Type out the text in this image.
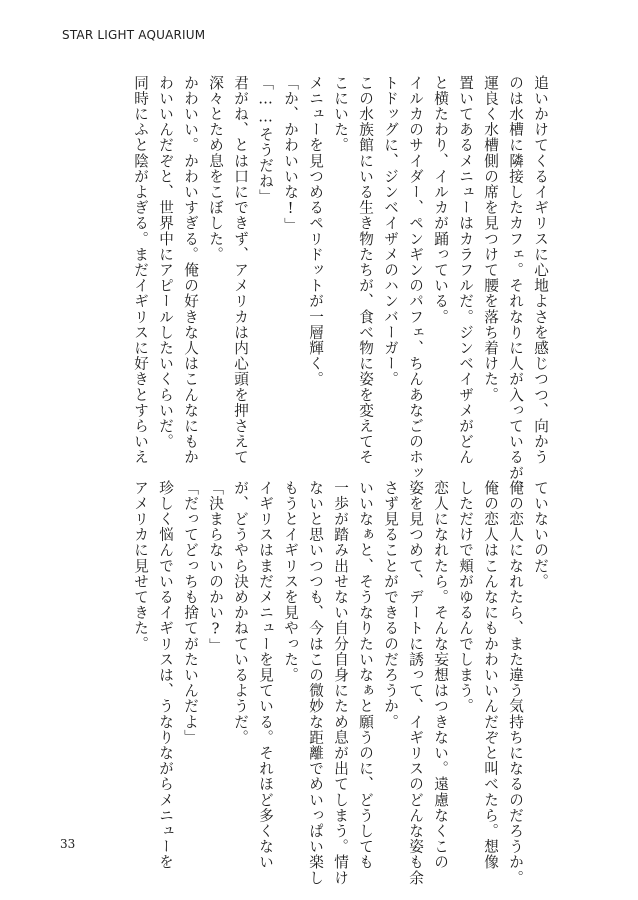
STAR LIGHT AQUARIUM
追いかけてくるイギリスに心地よさを感じつつ、向かう
のは水槽に隣接したカフェ。それなりに人が入っているが、
運良く水槽側の席を見つけて腰を落ち着けた。
置いてあるメニューはカラフルだ。ジンベイザメがどん
と横たわり、イルカが踊っている。
イルカのサイダー、ペンギンのパフェ、ちんあなごのホッ
トドッグに、ジンベイザメのハンバーガー。
この水族館にいる生き物たちが、食べ物に姿を変えてそ
こにいた。
メニューを見つめるペリドットが一層輝く。
「か、かわいいな!」
「……そうだね」
君がね、とは口にできず、アメリカは内心頭を押さえて
深々とため息をこぼした。
かわいい。かわいすぎる。俺の好きな人はこんなにもか
わいいんだぞと、世界中にアピールしたいくらいだ。
同時にふと陰がよぎる。まだイギリスに好きとすらいえ
ていないのだ。
俺の恋人になれたら、また違う気持ちになるのだろうか。
俺の恋人はこんなにもかわいいんだぞと叫べたら。想像
しただけで頬がゆるんでしまう。
恋人になれたら。そんな妄想はつきない。遠慮なくこの
姿を見つめて、デートに誘って、イギリスのどんな姿も余
さず見ることができるのだろうか。
いいなぁと、そうなりたいなぁと願うのに、どうしても
一歩が踏み出せない自分自身にため息が出てしまう。情け
ないと思いつつも、今はこの微妙な距離でめいっぱい楽し
もうとイギリスを見やった。
イギリスはまだメニューを見ている。それほど多くない
が、どうやら決めかねているようだ。
「決まらないのかい?」
「だってどっちも捨てがたいんだよ」
珍しく悩んでいるイギリスは、うなりながらメニューを
アメリカに見せてきた。
33
